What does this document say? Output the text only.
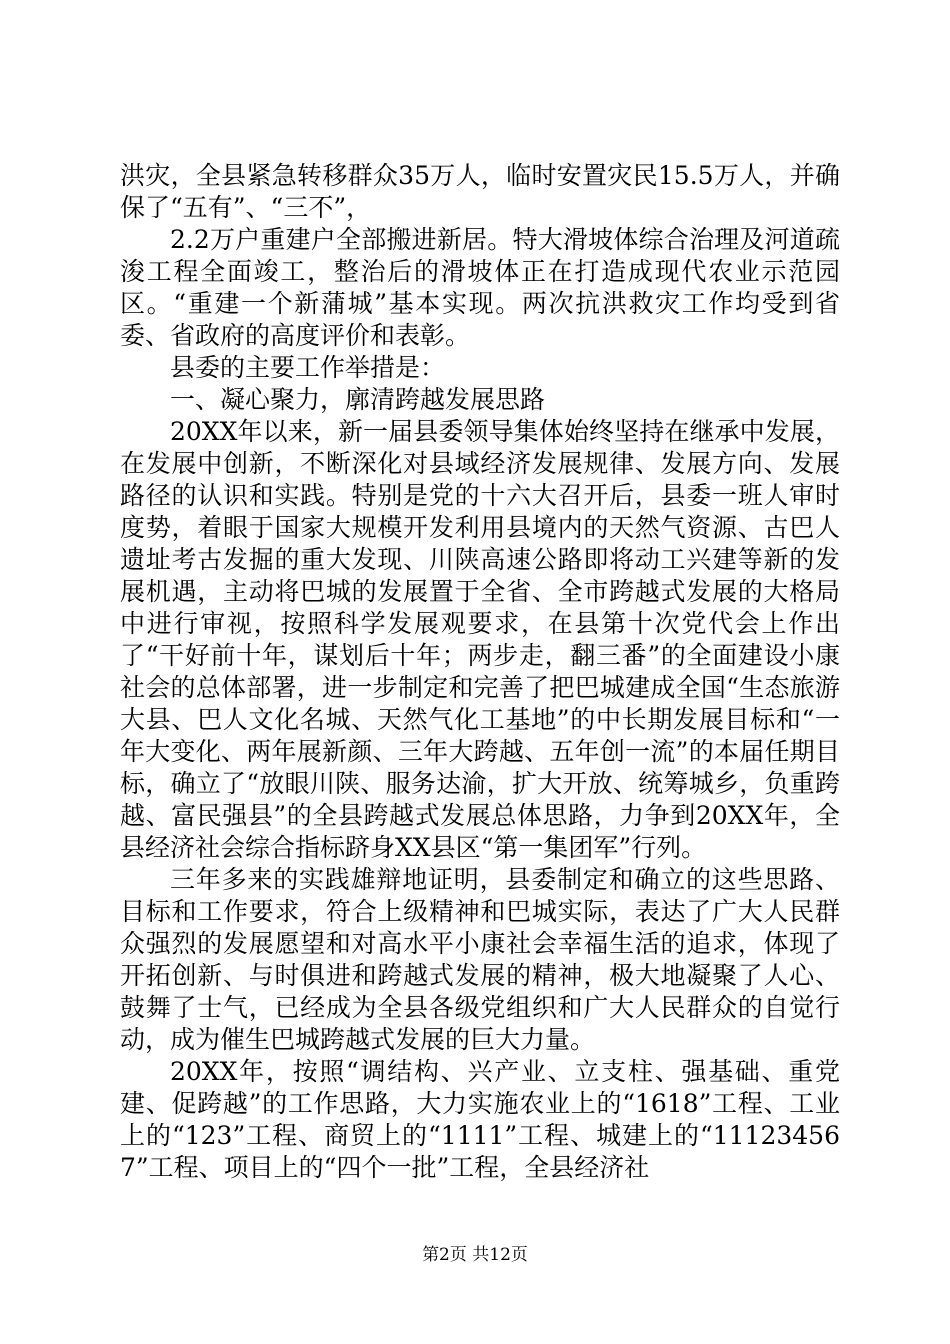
洪灾，全县紧急转移群众35万人，临时安置灾民15.5万人，并确保了“五有”、“三不”，

2.2万户重建户全部搬进新居。特大滑坡体综合治理及河道疏浚工程全面竣工，整治后的滑坡体正在打造成现代农业示范园区。“重建一个新蒲城”基本实现。两次抗洪救灾工作均受到省委、省政府的高度评价和表彰。

县委的主要工作举措是：

一、凝心聚力，廓清跨越发展思路

20XX年以来，新一届县委领导集体始终坚持在继承中发展，在发展中创新，不断深化对县域经济发展规律、发展方向、发展路径的认识和实践。特别是党的十六大召开后，县委一班人审时度势，着眼于国家大规模开发利用县境内的天然气资源、古巴人遗址考古发掘的重大发现、川陕高速公路即将动工兴建等新的发展机遇，主动将巴城的发展置于全省、全市跨越式发展的大格局中进行审视，按照科学发展观要求，在县第十次党代会上作出了“干好前十年，谋划后十年；两步走，翻三番”的全面建设小康社会的总体部署，进一步制定和完善了把巴城建成全国“生态旅游大县、巴人文化名城、天然气化工基地”的中长期发展目标和“一年大变化、两年展新颜、三年大跨越、五年创一流”的本届任期目标，确立了“放眼川陕、服务达渝，扩大开放、统筹城乡，负重跨越、富民强县”的全县跨越式发展总体思路，力争到20XX年，全县经济社会综合指标跻身XX县区“第一集团军”行列。

三年多来的实践雄辩地证明，县委制定和确立的这些思路、目标和工作要求，符合上级精神和巴城实际，表达了广大人民群众强烈的发展愿望和对高水平小康社会幸福生活的追求，体现了开拓创新、与时俱进和跨越式发展的精神，极大地凝聚了人心、鼓舞了士气，已经成为全县各级党组织和广大人民群众的自觉行动，成为催生巴城跨越式发展的巨大力量。

20XX年，按照“调结构、兴产业、立支柱、强基础、重党建、促跨越”的工作思路，大力实施农业上的“1618”工程、工业上的“123”工程、商贸上的“1111”工程、城建上的“111234567”工程、项目上的“四个一批”工程，全县经济社

第2页 共12页
